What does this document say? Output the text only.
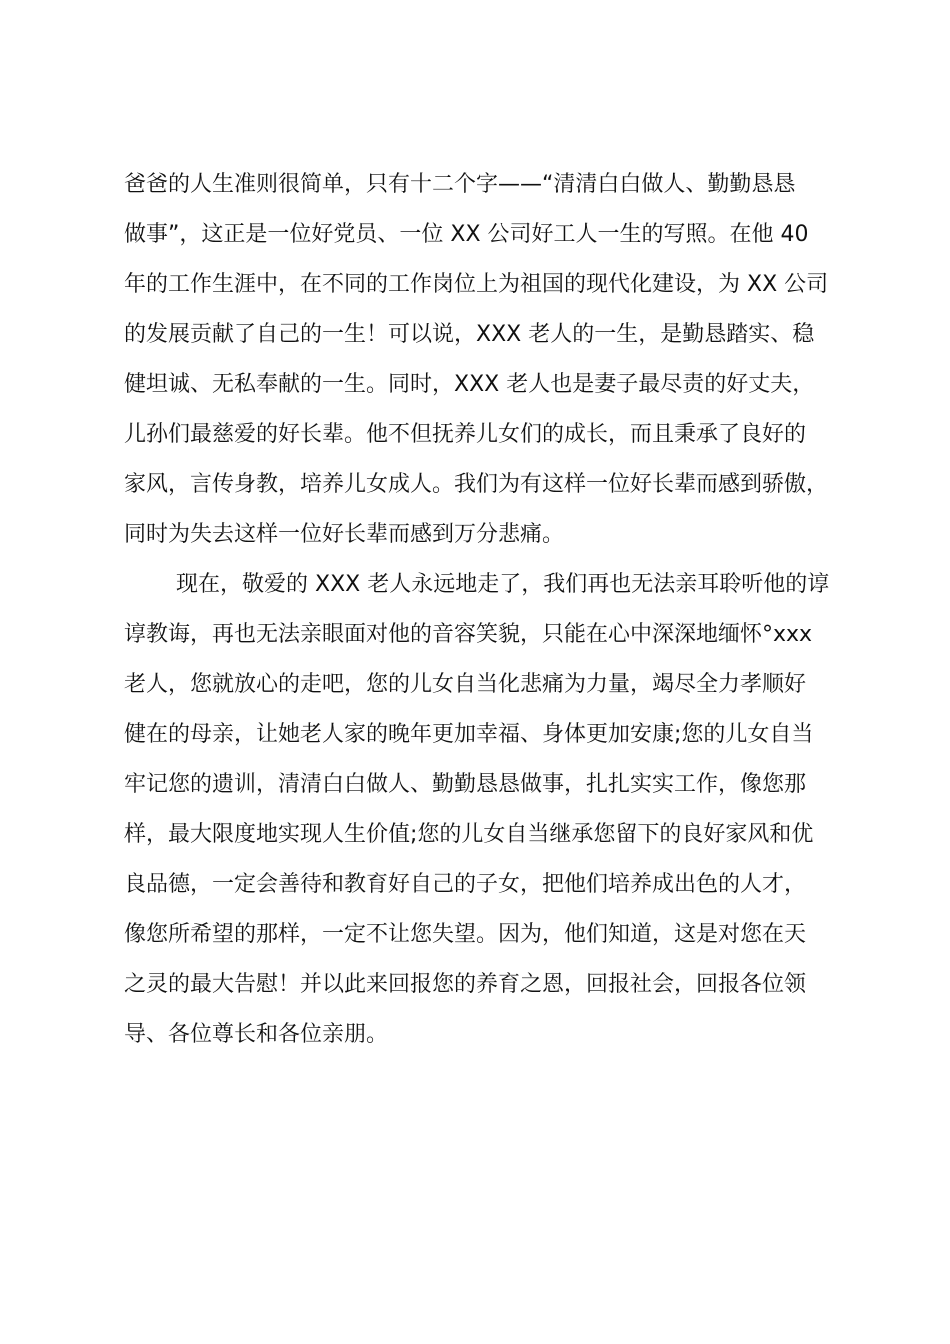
爸爸的人生准则很简单，只有十二个字——“清清白白做人、勤勤恳恳
做事”，这正是一位好党员、一位 XX 公司好工人一生的写照。在他 40
年的工作生涯中，在不同的工作岗位上为祖国的现代化建设，为 XX 公司
的发展贡献了自己的一生！可以说，XXX 老人的一生，是勤恳踏实、稳
健坦诚、无私奉献的一生。同时，XXX 老人也是妻子最尽责的好丈夫，
儿孙们最慈爱的好长辈。他不但抚养儿女们的成长，而且秉承了良好的
家风，言传身教，培养儿女成人。我们为有这样一位好长辈而感到骄傲，
同时为失去这样一位好长辈而感到万分悲痛。
现在，敬爱的 XXX 老人永远地走了，我们再也无法亲耳聆听他的谆
谆教诲，再也无法亲眼面对他的音容笑貌，只能在心中深深地缅怀°xxx
老人，您就放心的走吧，您的儿女自当化悲痛为力量，竭尽全力孝顺好
健在的母亲，让她老人家的晚年更加幸福、身体更加安康;您的儿女自当
牢记您的遗训，清清白白做人、勤勤恳恳做事，扎扎实实工作，像您那
样，最大限度地实现人生价值;您的儿女自当继承您留下的良好家风和优
良品德，一定会善待和教育好自己的子女，把他们培养成出色的人才，
像您所希望的那样，一定不让您失望。因为，他们知道，这是对您在天
之灵的最大告慰！并以此来回报您的养育之恩，回报社会，回报各位领
导、各位尊长和各位亲朋。
